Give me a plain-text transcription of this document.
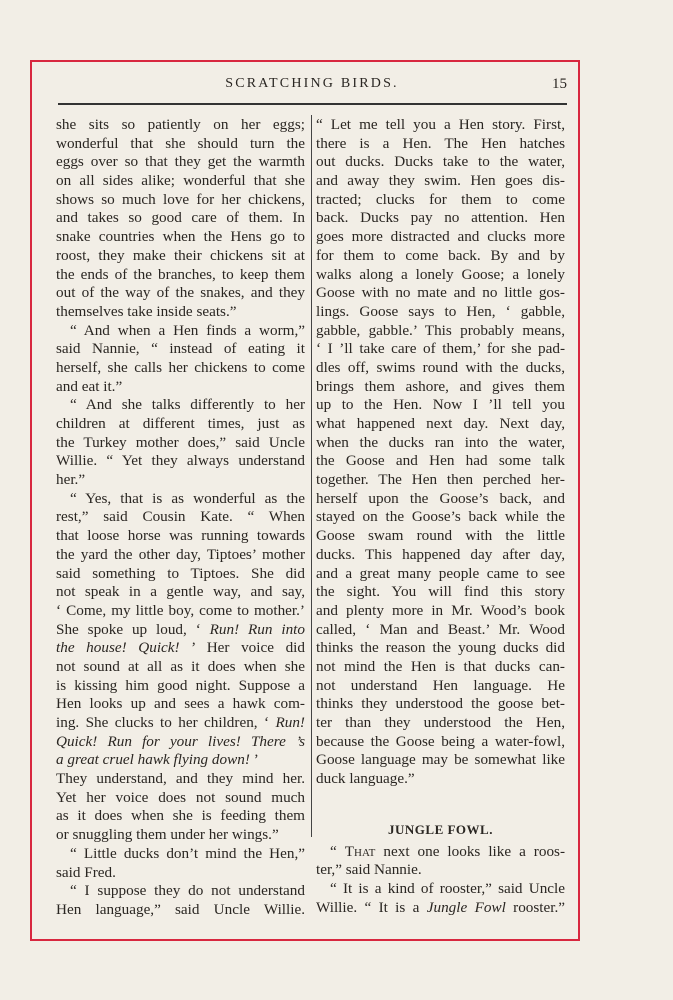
SCRATCHING BIRDS.	15
she sits so patiently on her eggs;
wonderful that she should turn the
eggs over so that they get the warmth
on all sides alike; wonderful that she
shows so much love for her chickens,
and takes so good care of them. In
snake countries when the Hens go to
roost, they make their chickens sit at
the ends of the branches, to keep them
out of the way of the snakes, and they
themselves take inside seats.”
“ And when a Hen finds a worm,”
said Nannie, “ instead of eating it
herself, she calls her chickens to come
and eat it.”
“ And she talks differently to her
children at different times, just as
the Turkey mother does,” said Uncle
Willie. “ Yet they always understand
her.”
“ Yes, that is as wonderful as the
rest,” said Cousin Kate. “ When
that loose horse was running towards
the yard the other day, Tiptoes’ mother
said something to Tiptoes. She did
not speak in a gentle way, and say,
‘ Come, my little boy, come to mother.’
She spoke up loud, ‘ Run! Run into
the house! Quick! ’ Her voice did
not sound at all as it does when she
is kissing him good night. Suppose a
Hen looks up and sees a hawk com-
ing. She clucks to her children, ‘ Run!
Quick! Run for your lives! There ’s
a great cruel hawk flying down! ’
They understand, and they mind her.
Yet her voice does not sound much
as it does when she is feeding them
or snuggling them under her wings.”
“ Little ducks don’t mind the Hen,”
said Fred.
“ I suppose they do not understand
Hen language,” said Uncle Willie.
“ Let me tell you a Hen story. First,
there is a Hen. The Hen hatches
out ducks. Ducks take to the water,
and away they swim. Hen goes dis-
tracted; clucks for them to come
back. Ducks pay no attention. Hen
goes more distracted and clucks more
for them to come back. By and by
walks along a lonely Goose; a lonely
Goose with no mate and no little gos-
lings. Goose says to Hen, ‘ gabble,
gabble, gabble.’ This probably means,
‘ I ’ll take care of them,’ for she pad-
dles off, swims round with the ducks,
brings them ashore, and gives them
up to the Hen. Now I ’ll tell you
what happened next day. Next day,
when the ducks ran into the water,
the Goose and Hen had some talk
together. The Hen then perched her-
herself upon the Goose’s back, and
stayed on the Goose’s back while the
Goose swam round with the little
ducks. This happened day after day,
and a great many people came to see
the sight. You will find this story
and plenty more in Mr. Wood’s book
called, ‘ Man and Beast.’ Mr. Wood
thinks the reason the young ducks did
not mind the Hen is that ducks can-
not understand Hen language. He
thinks they understood the goose bet-
ter than they understood the Hen,
because the Goose being a water-fowl,
Goose language may be somewhat like
duck language.”
JUNGLE FOWL.
“ That next one looks like a roos-
ter,” said Nannie.
“ It is a kind of rooster,” said Uncle
Willie. “ It is a Jungle Fowl rooster.”
